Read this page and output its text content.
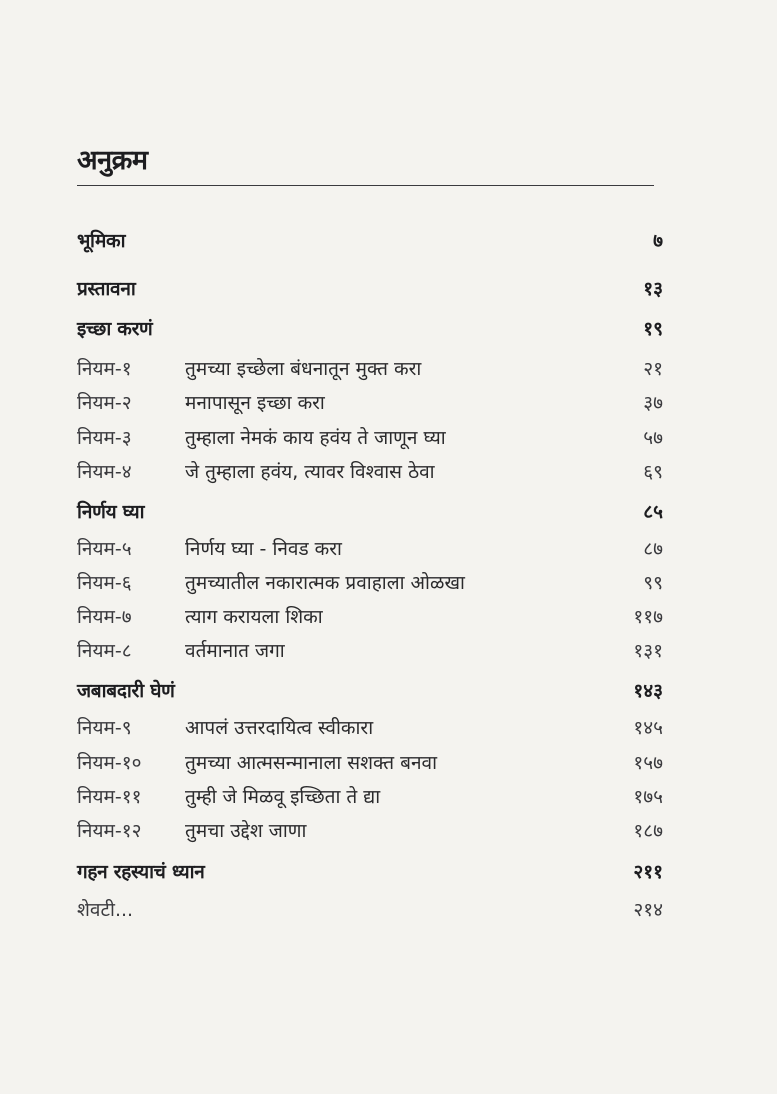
अनुक्रम
भूमिका	७
प्रस्तावना	१३
इच्छा करणं	१९
नियम-१	तुमच्या इच्छेला बंधनातून मुक्त करा	२१
नियम-२	मनापासून इच्छा करा	३७
नियम-३	तुम्हाला नेमकं काय हवंय ते जाणून घ्या	५७
नियम-४	जे तुम्हाला हवंय, त्यावर विश्वास ठेवा	६९
निर्णय घ्या	८५
नियम-५	निर्णय घ्या - निवड करा	८७
नियम-६	तुमच्यातील नकारात्मक प्रवाहाला ओळखा	९९
नियम-७	त्याग करायला शिका	११७
नियम-८	वर्तमानात जगा	१३१
जबाबदारी घेणं	१४३
नियम-९	आपलं उत्तरदायित्व स्वीकारा	१४५
नियम-१०	तुमच्या आत्मसन्मानाला सशक्त बनवा	१५७
नियम-११	तुम्ही जे मिळवू इच्छिता ते द्या	१७५
नियम-१२	तुमचा उद्देश जाणा	१८७
गहन रहस्याचं ध्यान	२११
शेवटी...	२१४
